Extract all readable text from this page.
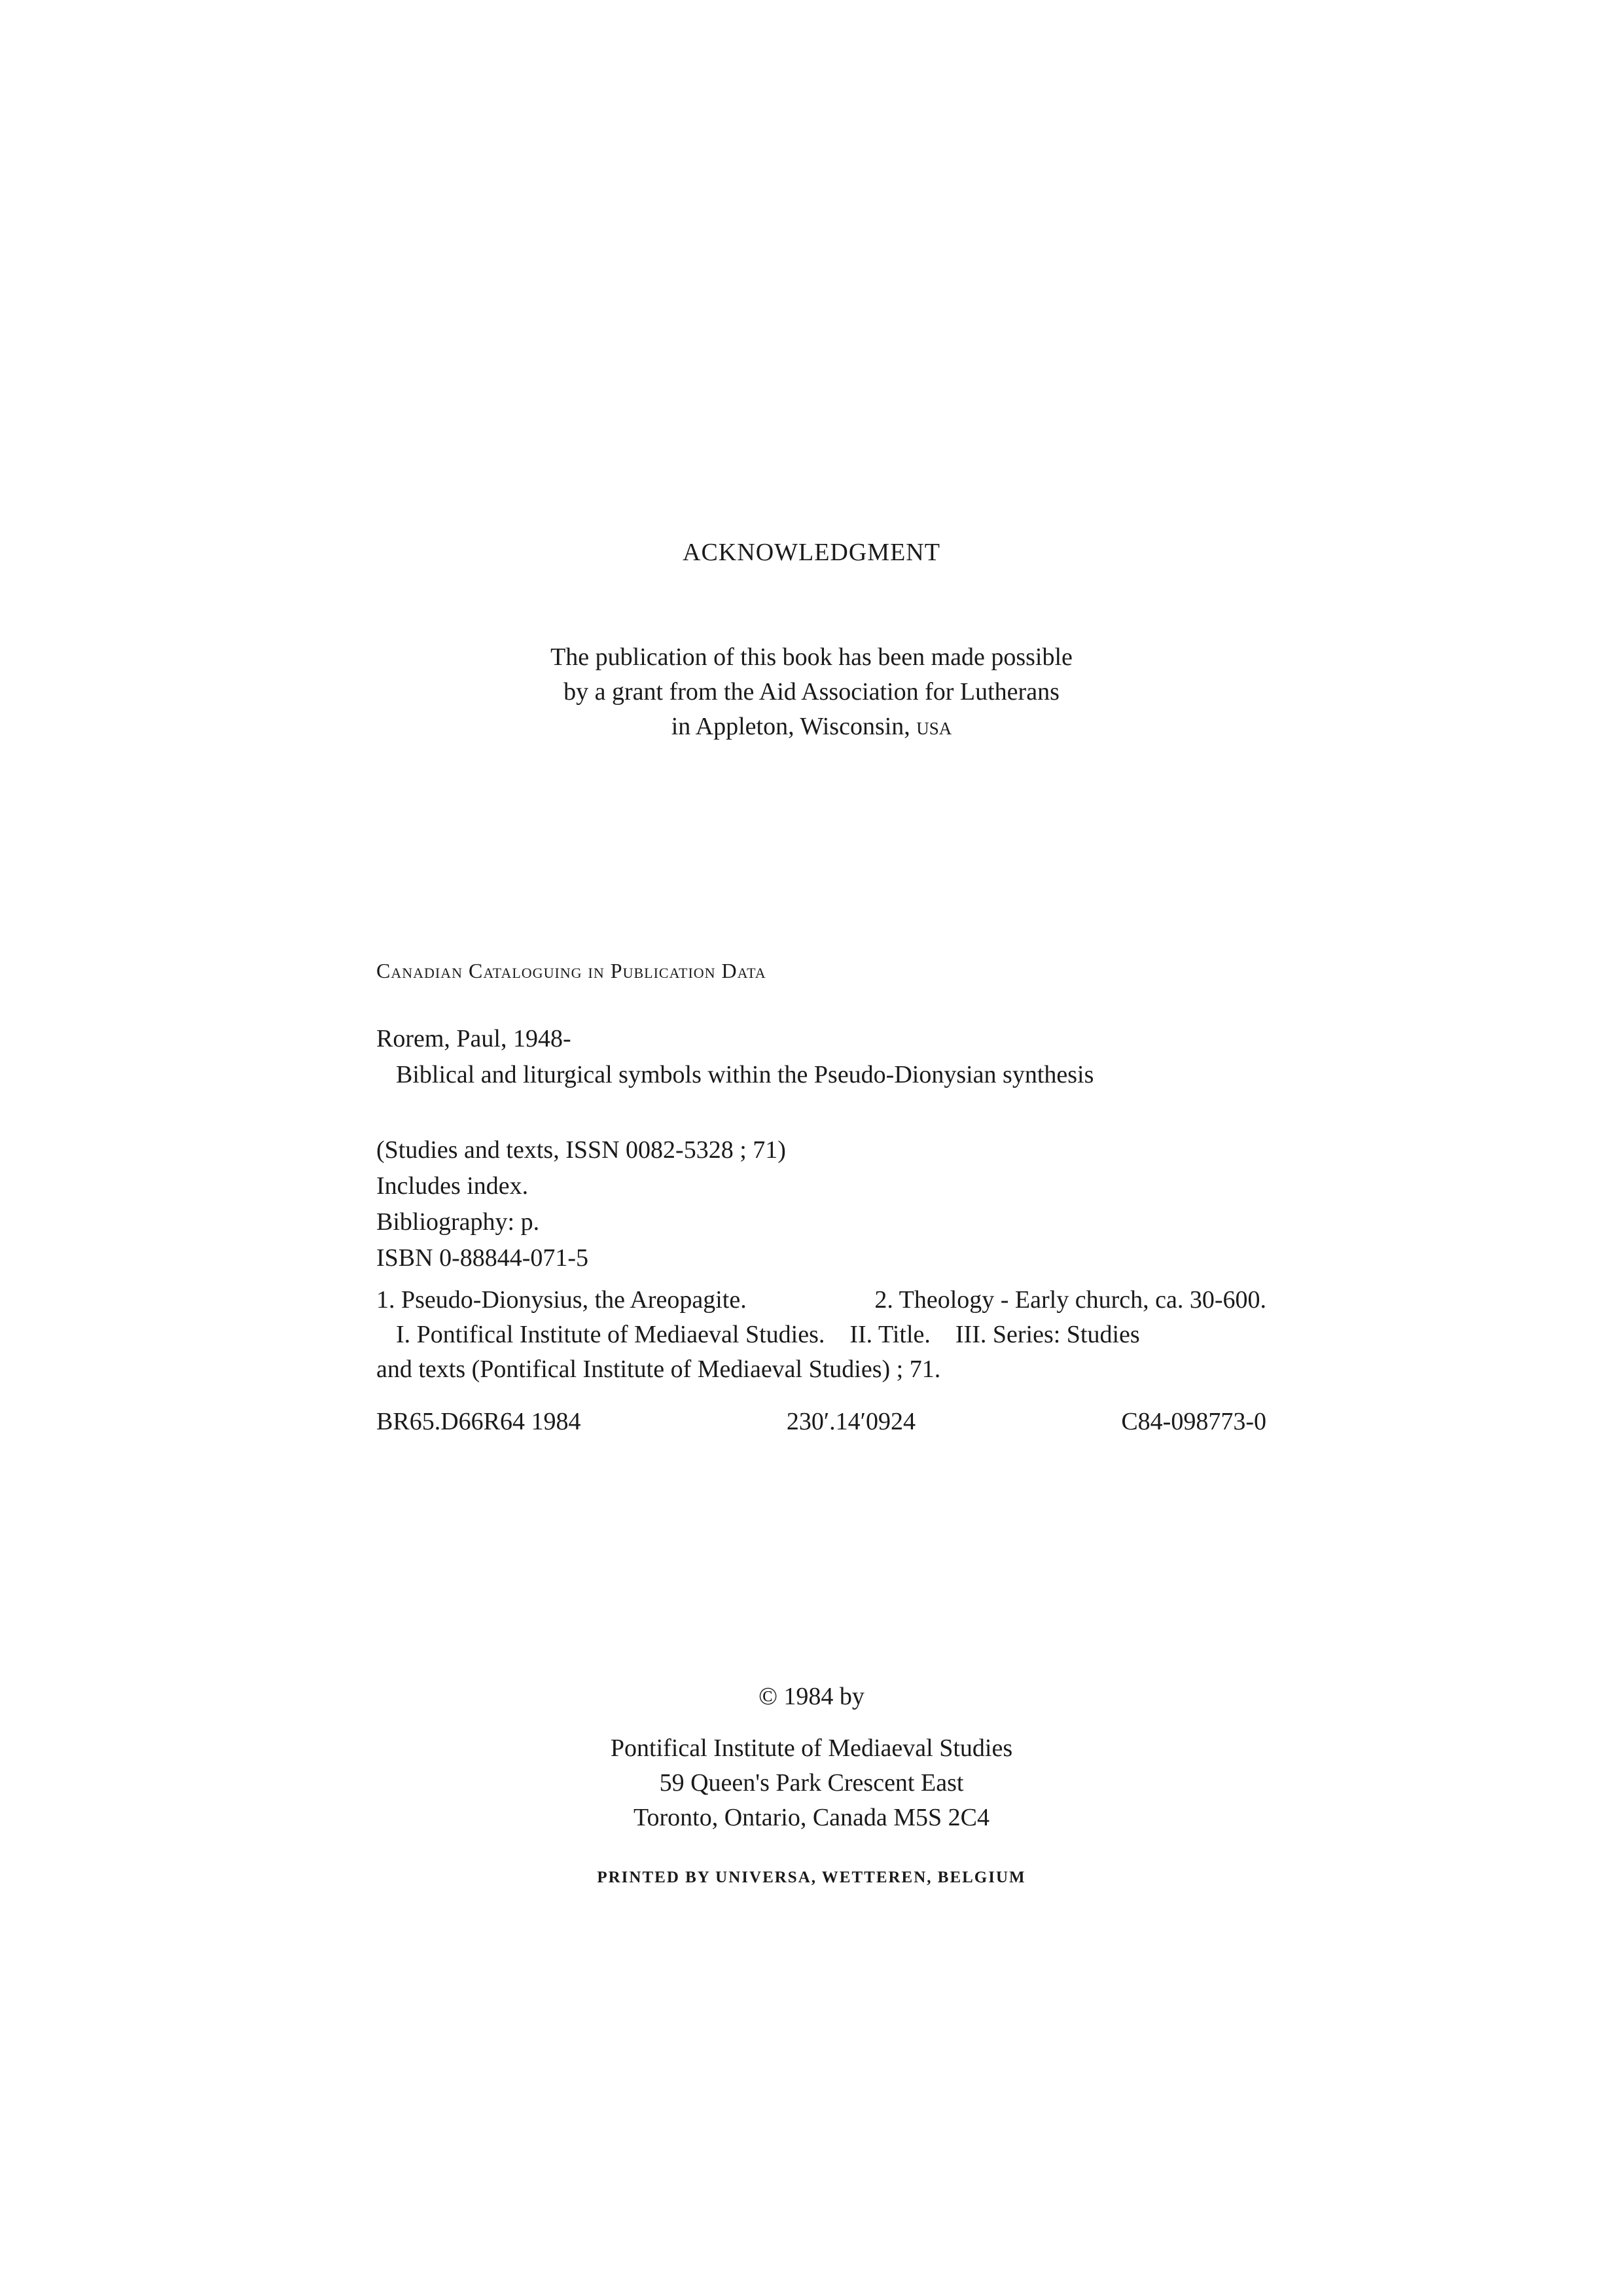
ACKNOWLEDGMENT
The publication of this book has been made possible
by a grant from the Aid Association for Lutherans
in Appleton, Wisconsin, usa
Canadian Cataloguing in Publication Data
Rorem, Paul, 1948-
Biblical and liturgical symbols within the Pseudo-Dionysian synthesis
(Studies and texts, ISSN 0082-5328 ; 71)
Includes index.
Bibliography: p.
ISBN 0-88844-071-5
1. Pseudo-Dionysius, the Areopagite.	2. Theology - Early church, ca. 30-600.
I. Pontifical Institute of Mediaeval Studies.    II. Title.    III. Series: Studies
and texts (Pontifical Institute of Mediaeval Studies) ; 71.
BR65.D66R64 1984	230′.14′0924	C84-098773-0
© 1984 by
Pontifical Institute of Mediaeval Studies
59 Queen's Park Crescent East
Toronto, Ontario, Canada M5S 2C4
PRINTED BY UNIVERSA, WETTEREN, BELGIUM
